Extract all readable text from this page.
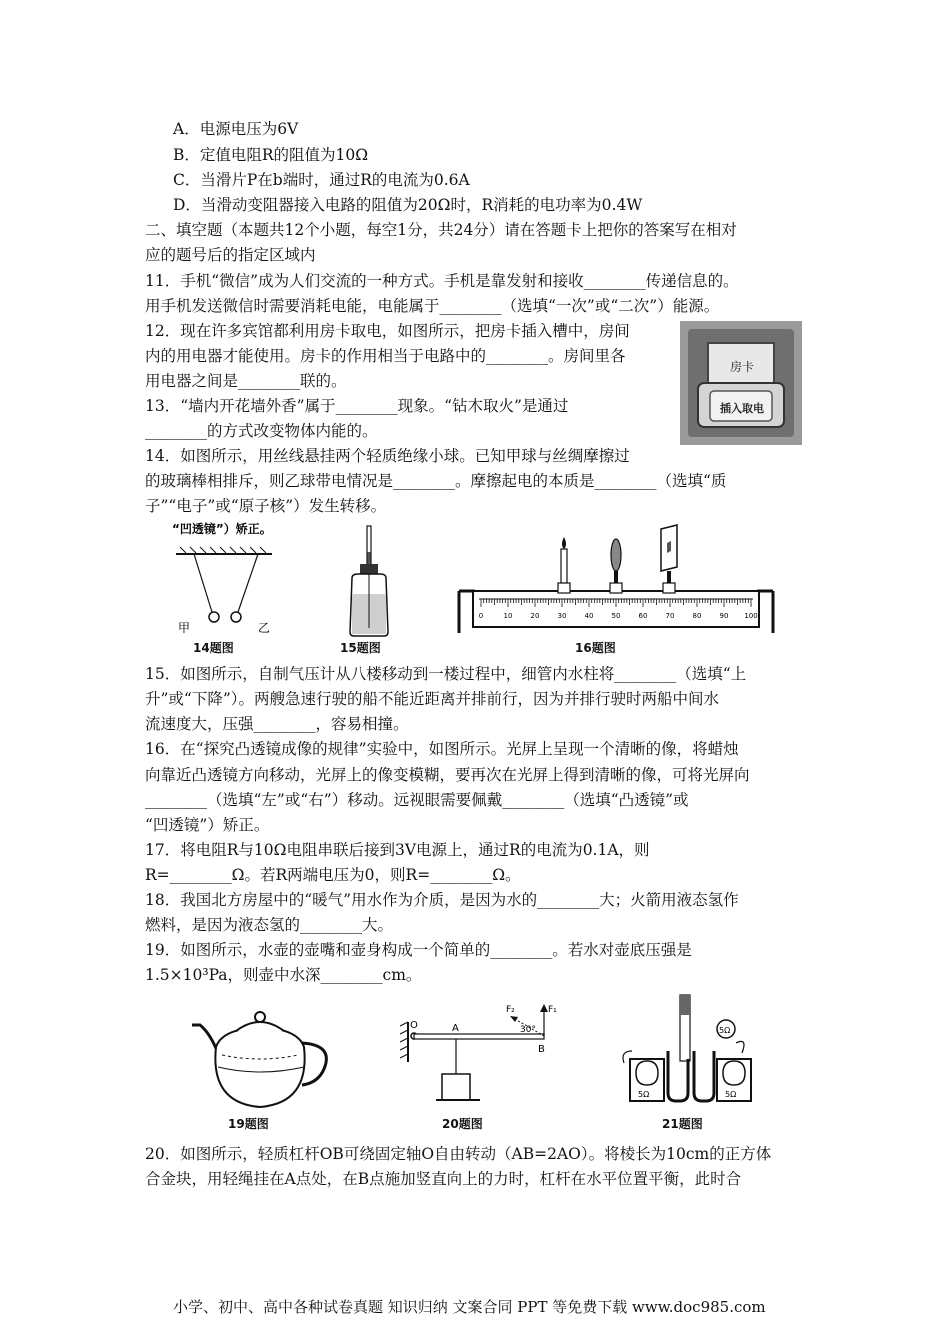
A．电源电压为6V
B．定值电阻R的阻值为10Ω
C．当滑片P在b端时，通过R的电流为0.6A
D．当滑动变阻器接入电路的阻值为20Ω时，R消耗的电功率为0.4W
二、填空题（本题共12个小题，每空1分，共24分）请在答题卡上把你的答案写在相对
应的题号后的指定区域内
11．手机“微信”成为人们交流的一种方式。手机是靠发射和接收________传递信息的。
用手机发送微信时需要消耗电能，电能属于________（选填“一次”或“二次”）能源。
12．现在许多宾馆都利用房卡取电，如图所示，把房卡插入槽中，房间
内的用电器才能使用。房卡的作用相当于电路中的________。房间里各
用电器之间是________联的。
13．“墙内开花墙外香”属于________现象。“钻木取火”是通过
________的方式改变物体内能的。
14．如图所示，用丝线悬挂两个轻质绝缘小球。已知甲球与丝绸摩擦过
的玻璃棒相排斥，则乙球带电情况是________。摩擦起电的本质是________（选填“质
子”“电子”或“原子核”）发生转移。
房卡
插入取电
“凹透镜”）矫正。
甲	乙
14题图	15题图
0	10	20	30	40	50	60	70	80	90 100
16题图
15．如图所示，自制气压计从八楼移动到一楼过程中，细管内水柱将________（选填“上
升”或“下降”）。两艘急速行驶的船不能近距离并排前行，因为并排行驶时两船中间水
流速度大，压强________，容易相撞。
16．在“探究凸透镜成像的规律”实验中，如图所示。光屏上呈现一个清晰的像，将蜡烛
向靠近凸透镜方向移动，光屏上的像变模糊，要再次在光屏上得到清晰的像，可将光屏向
________（选填“左”或“右”）移动。远视眼需要佩戴________（选填“凸透镜”或
“凹透镜”）矫正。
17．将电阻R与10Ω电阻串联后接到3V电源上，通过R的电流为0.1A，则
R=________Ω。若R两端电压为0，则R=________Ω。
18．我国北方房屋中的“暖气”用水作为介质，是因为水的________大；火箭用液态氢作
燃料，是因为液态氢的________大。
19．如图所示，水壶的壶嘴和壶身构成一个简单的________。若水对壶底压强是
1.5×10³Pa，则壶中水深________cm。
19题图
O	A
B
F₁
F₂
30°
20题图
5Ω	5Ω
5Ω
21题图
20．如图所示，轻质杠杆OB可绕固定轴O自由转动（AB=2AO）。将棱长为10cm的正方体
合金块，用轻绳挂在A点处，在B点施加竖直向上的力时，杠杆在水平位置平衡，此时合
小学、初中、高中各种试卷真题 知识归纳 文案合同 PPT 等免费下载 www.doc985.com
